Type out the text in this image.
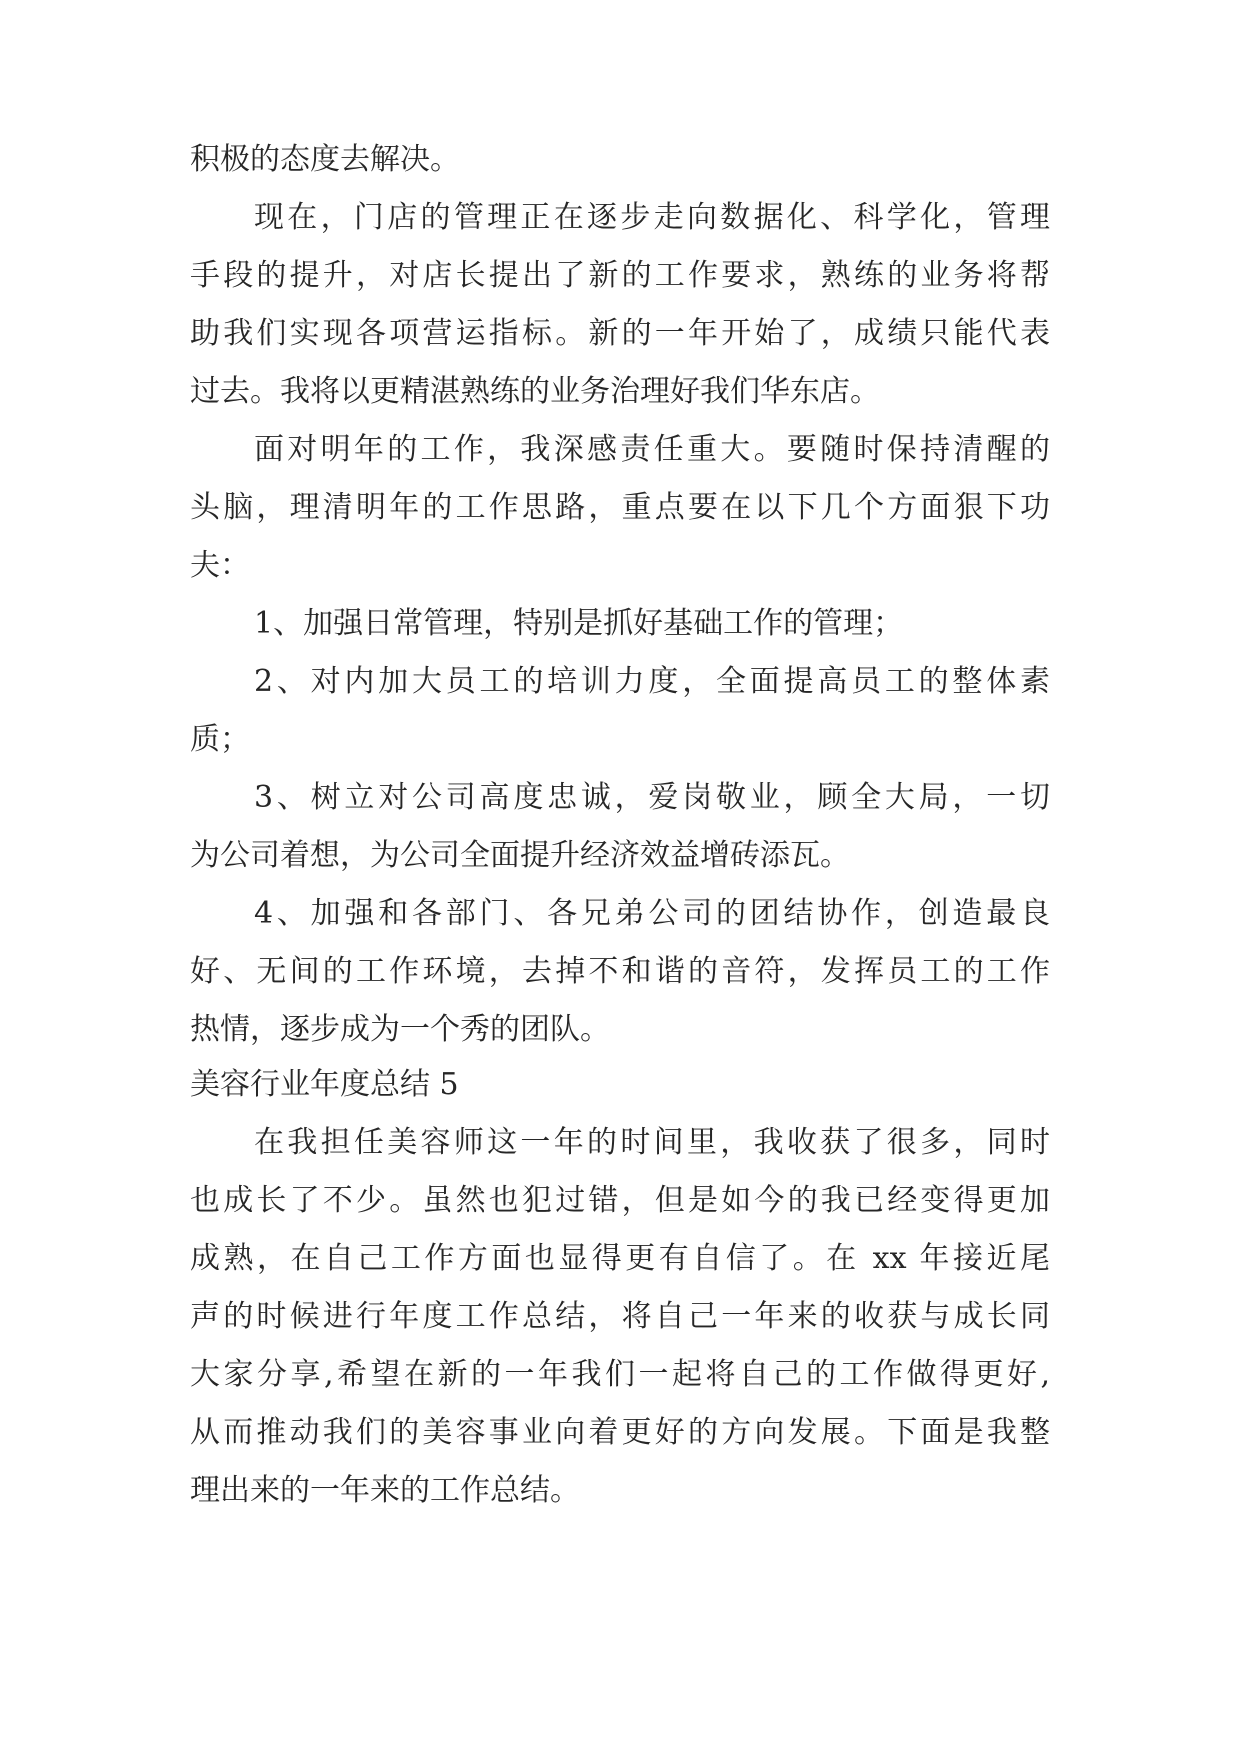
积极的态度去解决。
现在，门店的管理正在逐步走向数据化、科学化，管理
手段的提升，对店长提出了新的工作要求，熟练的业务将帮
助我们实现各项营运指标。新的一年开始了，成绩只能代表
过去。我将以更精湛熟练的业务治理好我们华东店。
面对明年的工作，我深感责任重大。要随时保持清醒的
头脑，理清明年的工作思路，重点要在以下几个方面狠下功
夫：
1、加强日常管理，特别是抓好基础工作的管理；
2、对内加大员工的培训力度，全面提高员工的整体素
质；
3、树立对公司高度忠诚，爱岗敬业，顾全大局，一切
为公司着想，为公司全面提升经济效益增砖添瓦。
4、加强和各部门、各兄弟公司的团结协作，创造最良
好、无间的工作环境，去掉不和谐的音符，发挥员工的工作
热情，逐步成为一个秀的团队。
美容行业年度总结 5
在我担任美容师这一年的时间里，我收获了很多，同时
也成长了不少。虽然也犯过错，但是如今的我已经变得更加
成熟，在自己工作方面也显得更有自信了。在 xx 年接近尾
声的时候进行年度工作总结，将自己一年来的收获与成长同
大家分享,希望在新的一年我们一起将自己的工作做得更好,
从而推动我们的美容事业向着更好的方向发展。下面是我整
理出来的一年来的工作总结。
